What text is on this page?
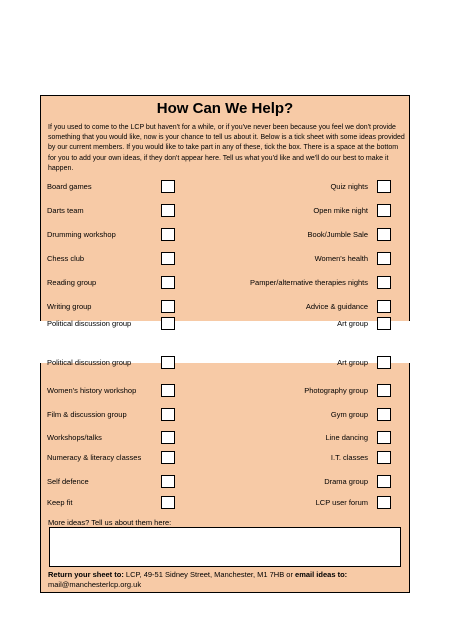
How Can We Help?
If you used to come to the LCP but haven't for a while, or if you've never been because you feel we don't provide something that you would like, now is your chance to tell us about it. Below is a tick sheet with some ideas provided by our current members. If you would like to take part in any of these, tick the box. There is a space at the bottom for you to add your own ideas, if they don't appear here. Tell us what you'd like and we'll do our best to make it happen.
Board games
Darts team
Drumming workshop
Chess club
Reading group
Writing group
Political discussion group
Quiz nights
Open mike night
Book/Jumble Sale
Women's health
Pamper/alternative therapies nights
Advice & guidance
Art group
Political discussion group
Women's history workshop
Film & discussion group
Workshops/talks
Numeracy & literacy classes
Self defence
Keep fit
Art group
Photography group
Gym group
Line dancing
I.T. classes
Drama group
LCP user forum
More ideas? Tell us about them here:
Return your sheet to: LCP, 49-51 Sidney Street, Manchester, M1 7HB or email ideas to:
mail@manchesterlcp.org.uk
